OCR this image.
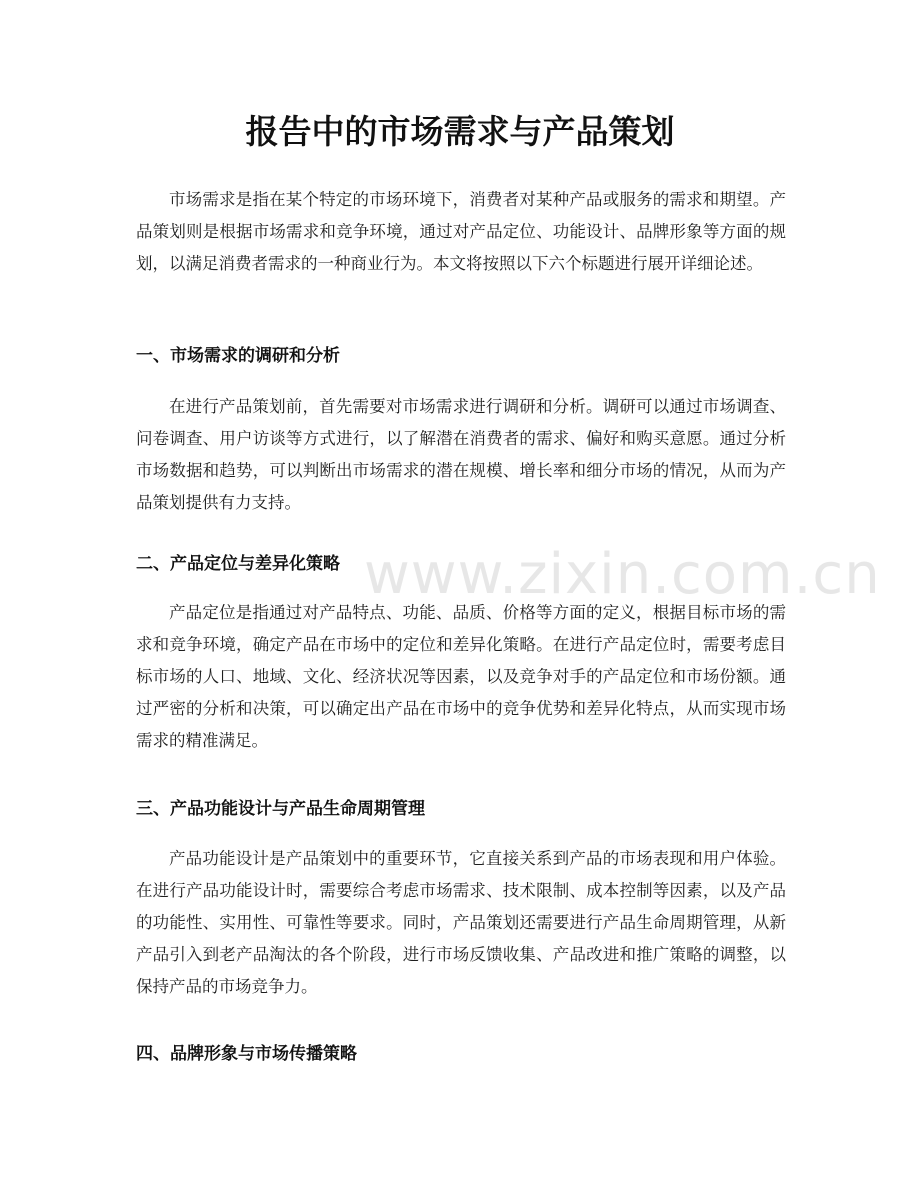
报告中的市场需求与产品策划

市场需求是指在某个特定的市场环境下，消费者对某种产品或服务的需求和期望。产品策划则是根据市场需求和竞争环境，通过对产品定位、功能设计、品牌形象等方面的规划，以满足消费者需求的一种商业行为。本文将按照以下六个标题进行展开详细论述。

一、市场需求的调研和分析

在进行产品策划前，首先需要对市场需求进行调研和分析。调研可以通过市场调查、问卷调查、用户访谈等方式进行，以了解潜在消费者的需求、偏好和购买意愿。通过分析市场数据和趋势，可以判断出市场需求的潜在规模、增长率和细分市场的情况，从而为产品策划提供有力支持。

二、产品定位与差异化策略

产品定位是指通过对产品特点、功能、品质、价格等方面的定义，根据目标市场的需求和竞争环境，确定产品在市场中的定位和差异化策略。在进行产品定位时，需要考虑目标市场的人口、地域、文化、经济状况等因素，以及竞争对手的产品定位和市场份额。通过严密的分析和决策，可以确定出产品在市场中的竞争优势和差异化特点，从而实现市场需求的精准满足。

三、产品功能设计与产品生命周期管理

产品功能设计是产品策划中的重要环节，它直接关系到产品的市场表现和用户体验。在进行产品功能设计时，需要综合考虑市场需求、技术限制、成本控制等因素，以及产品的功能性、实用性、可靠性等要求。同时，产品策划还需要进行产品生命周期管理，从新产品引入到老产品淘汰的各个阶段，进行市场反馈收集、产品改进和推广策略的调整，以保持产品的市场竞争力。

四、品牌形象与市场传播策略
www.zixin.com.cn
